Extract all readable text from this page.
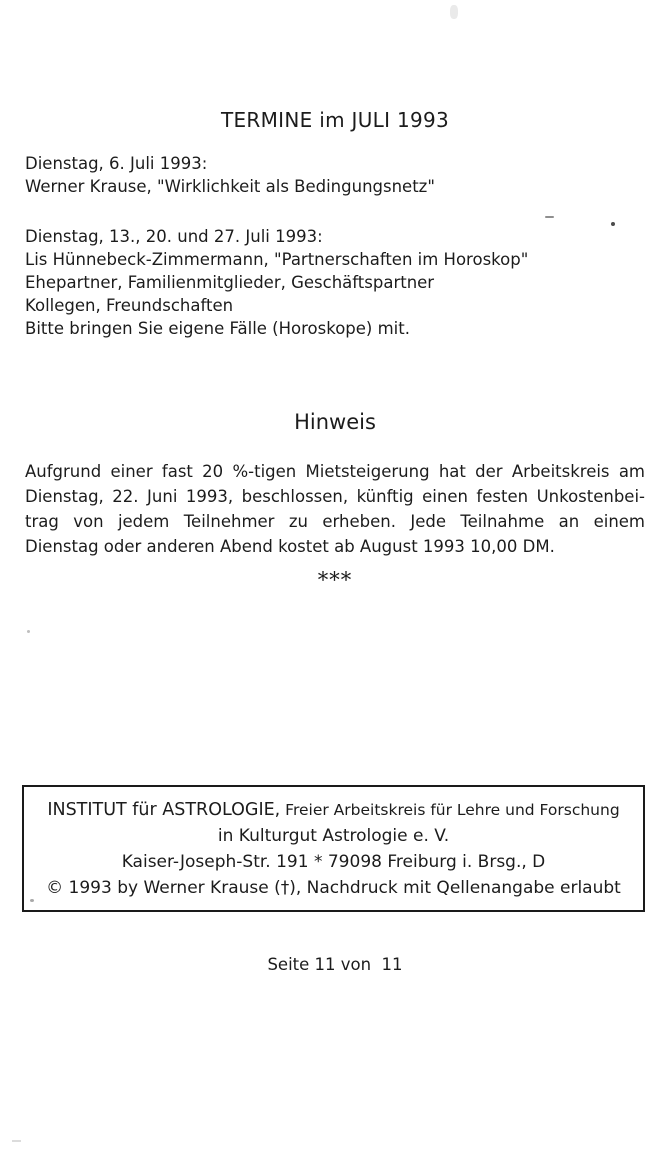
TERMINE im JULI 1993
Dienstag, 6. Juli 1993:
Werner Krause, "Wirklichkeit als Bedingungsnetz"
Dienstag, 13., 20. und 27. Juli 1993:
Lis Hünnebeck-Zimmermann, "Partnerschaften im Horoskop"
Ehepartner, Familienmitglieder, Geschäftspartner
Kollegen, Freundschaften
Bitte bringen Sie eigene Fälle (Horoskope) mit.
Hinweis
Aufgrund einer fast 20 %-tigen Mietsteigerung hat der Arbeitskreis am
Dienstag, 22. Juni 1993, beschlossen, künftig einen festen Unkostenbei-
trag von jedem Teilnehmer zu erheben. Jede Teilnahme an einem
Dienstag oder anderen Abend kostet ab August 1993 10,00 DM.
***
INSTITUT für ASTROLOGIE, Freier Arbeitskreis für Lehre und Forschung
in Kulturgut Astrologie e. V.
Kaiser-Joseph-Str. 191 * 79098 Freiburg i. Brsg., D
© 1993 by Werner Krause (†), Nachdruck mit Qellenangabe erlaubt
Seite 11 von  11
